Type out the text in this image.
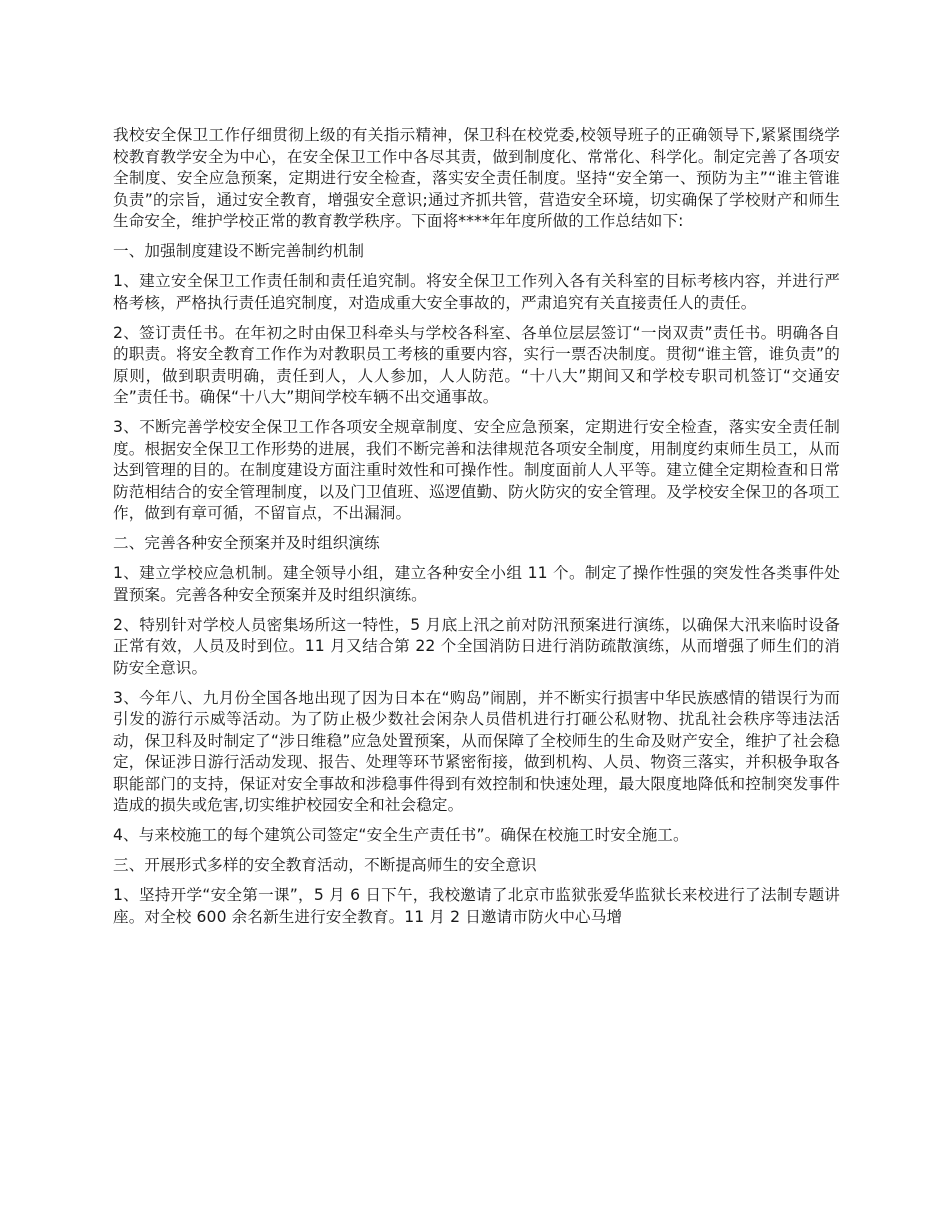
我校安全保卫工作仔细贯彻上级的有关指示精神，保卫科在校党委,校领导班子的正确领导下,紧紧围绕学校教育教学安全为中心，在安全保卫工作中各尽其责，做到制度化、常常化、科学化。制定完善了各项安全制度、安全应急预案，定期进行安全检查，落实安全责任制度。坚持“安全第一、预防为主”“谁主管谁负责”的宗旨，通过安全教育，增强安全意识;通过齐抓共管，营造安全环境，切实确保了学校财产和师生生命安全，维护学校正常的教育教学秩序。下面将****年年度所做的工作总结如下:

一、加强制度建设不断完善制约机制

1、建立安全保卫工作责任制和责任追究制。将安全保卫工作列入各有关科室的目标考核内容，并进行严格考核，严格执行责任追究制度，对造成重大安全事故的，严肃追究有关直接责任人的责任。

2、签订责任书。在年初之时由保卫科牵头与学校各科室、各单位层层签订“一岗双责”责任书。明确各自的职责。将安全教育工作作为对教职员工考核的重要内容，实行一票否决制度。贯彻“谁主管，谁负责”的原则，做到职责明确，责任到人，人人参加，人人防范。“十八大”期间又和学校专职司机签订“交通安全”责任书。确保“十八大”期间学校车辆不出交通事故。

3、不断完善学校安全保卫工作各项安全规章制度、安全应急预案，定期进行安全检查，落实安全责任制度。根据安全保卫工作形势的进展，我们不断完善和法律规范各项安全制度，用制度约束师生员工，从而达到管理的目的。在制度建设方面注重时效性和可操作性。制度面前人人平等。建立健全定期检查和日常防范相结合的安全管理制度，以及门卫值班、巡逻值勤、防火防灾的安全管理。及学校安全保卫的各项工作，做到有章可循，不留盲点，不出漏洞。

二、完善各种安全预案并及时组织演练

1、建立学校应急机制。建全领导小组，建立各种安全小组 11 个。制定了操作性强的突发性各类事件处置预案。完善各种安全预案并及时组织演练。

2、特别针对学校人员密集场所这一特性，5 月底上汛之前对防汛预案进行演练，以确保大汛来临时设备正常有效，人员及时到位。11 月又结合第 22 个全国消防日进行消防疏散演练，从而增强了师生们的消防安全意识。

3、今年八、九月份全国各地出现了因为日本在“购岛”闹剧，并不断实行损害中华民族感情的错误行为而引发的游行示威等活动。为了防止极少数社会闲杂人员借机进行打砸公私财物、扰乱社会秩序等违法活动，保卫科及时制定了“涉日维稳”应急处置预案，从而保障了全校师生的生命及财产安全，维护了社会稳定，保证涉日游行活动发现、报告、处理等环节紧密衔接，做到机构、人员、物资三落实，并积极争取各职能部门的支持，保证对安全事故和涉稳事件得到有效控制和快速处理，最大限度地降低和控制突发事件造成的损失或危害,切实维护校园安全和社会稳定。

4、与来校施工的每个建筑公司签定“安全生产责任书”。确保在校施工时安全施工。

三、开展形式多样的安全教育活动，不断提高师生的安全意识

1、坚持开学“安全第一课”，5 月 6 日下午，我校邀请了北京市监狱张爱华监狱长来校进行了法制专题讲座。对全校 600 余名新生进行安全教育。11 月 2 日邀请市防火中心马增
